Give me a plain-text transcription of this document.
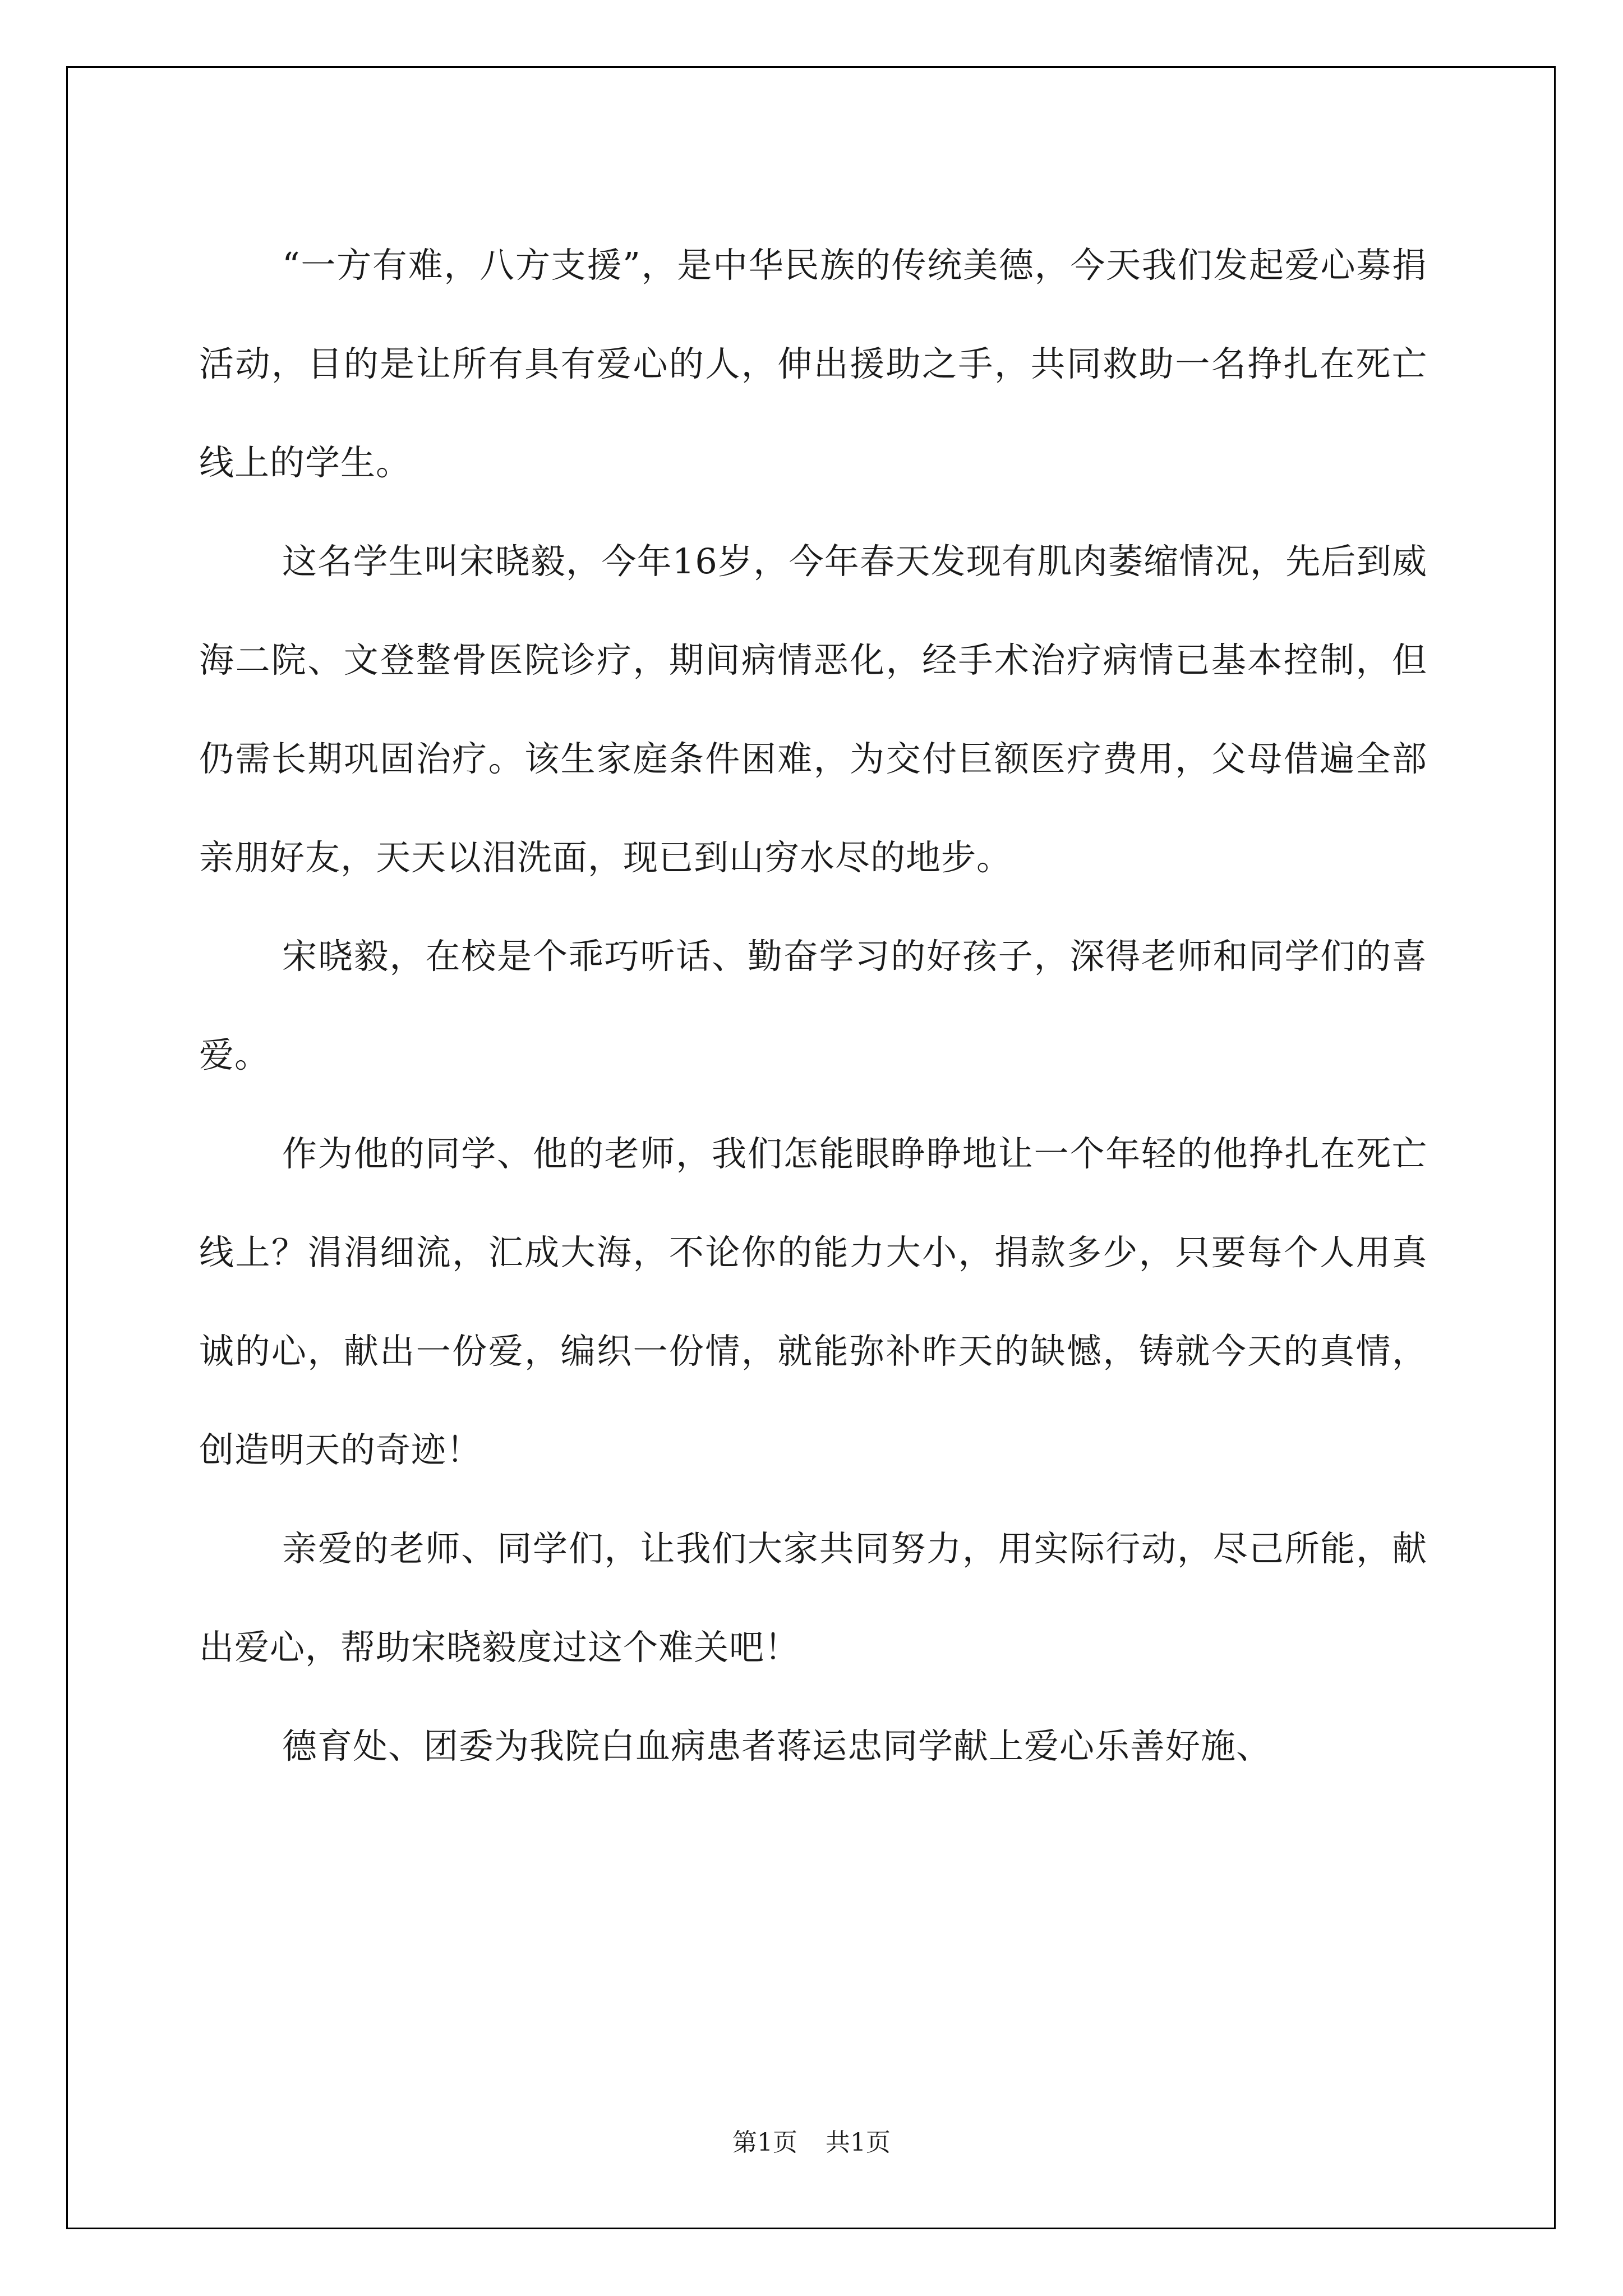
“一方有难，八方支援”，是中华民族的传统美德，今天我们发起爱心募捐活动，目的是让所有具有爱心的人，伸出援助之手，共同救助一名挣扎在死亡线上的学生。

这名学生叫宋晓毅，今年16岁，今年春天发现有肌肉萎缩情况，先后到威海二院、文登整骨医院诊疗，期间病情恶化，经手术治疗病情已基本控制，但仍需长期巩固治疗。该生家庭条件困难，为交付巨额医疗费用，父母借遍全部亲朋好友，天天以泪洗面，现已到山穷水尽的地步。

宋晓毅，在校是个乖巧听话、勤奋学习的好孩子，深得老师和同学们的喜爱。

作为他的同学、他的老师，我们怎能眼睁睁地让一个年轻的他挣扎在死亡线上？涓涓细流，汇成大海，不论你的能力大小，捐款多少，只要每个人用真诚的心，献出一份爱，编织一份情，就能弥补昨天的缺憾，铸就今天的真情，创造明天的奇迹！

亲爱的老师、同学们，让我们大家共同努力，用实际行动，尽己所能，献出爱心，帮助宋晓毅度过这个难关吧！

德育处、团委为我院白血病患者蒋运忠同学献上爱心乐善好施、

第1页 共1页
